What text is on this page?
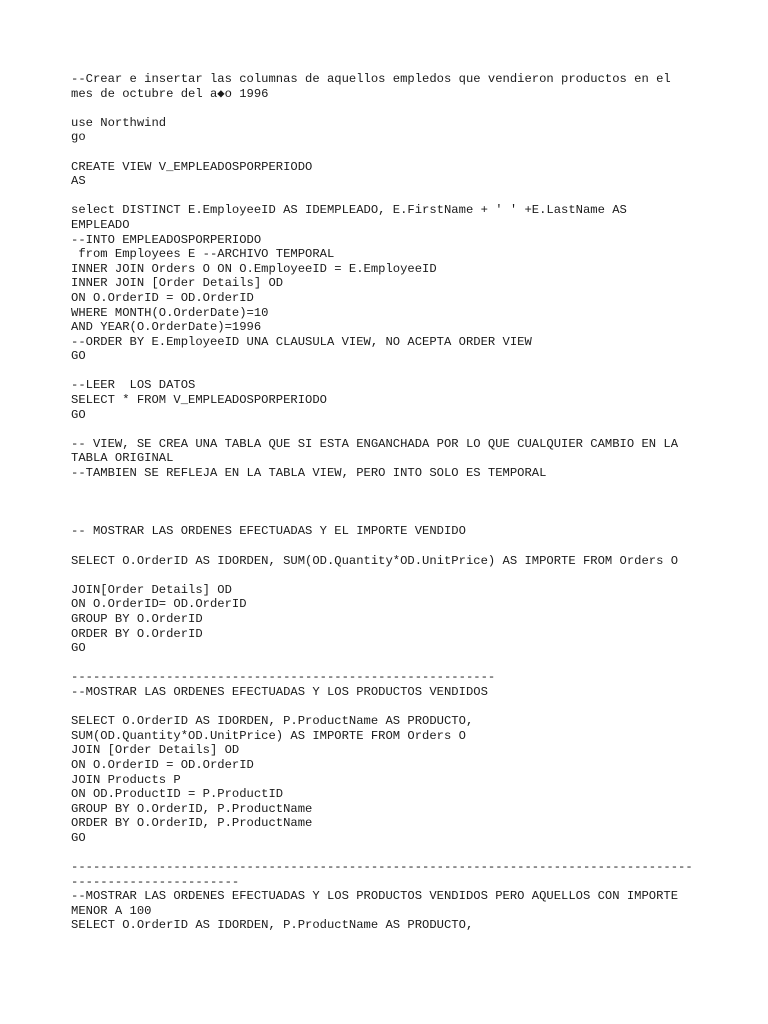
--Crear e insertar las columnas de aquellos empledos que vendieron productos en el
mes de octubre del a◆o 1996

use Northwind
go

CREATE VIEW V_EMPLEADOSPORPERIODO
AS

select DISTINCT E.EmployeeID AS IDEMPLEADO, E.FirstName + ' ' +E.LastName AS
EMPLEADO
--INTO EMPLEADOSPORPERIODO
from Employees E --ARCHIVO TEMPORAL
INNER JOIN Orders O ON O.EmployeeID = E.EmployeeID
INNER JOIN [Order Details] OD
ON O.OrderID = OD.OrderID
WHERE MONTH(O.OrderDate)=10
AND YEAR(O.OrderDate)=1996
--ORDER BY E.EmployeeID UNA CLAUSULA VIEW, NO ACEPTA ORDER VIEW
GO

--LEER  LOS DATOS
SELECT * FROM V_EMPLEADOSPORPERIODO
GO

-- VIEW, SE CREA UNA TABLA QUE SI ESTA ENGANCHADA POR LO QUE CUALQUIER CAMBIO EN LA
TABLA ORIGINAL
--TAMBIEN SE REFLEJA EN LA TABLA VIEW, PERO INTO SOLO ES TEMPORAL

-- MOSTRAR LAS ORDENES EFECTUADAS Y EL IMPORTE VENDIDO

SELECT O.OrderID AS IDORDEN, SUM(OD.Quantity*OD.UnitPrice) AS IMPORTE FROM Orders O

JOIN[Order Details] OD
ON O.OrderID= OD.OrderID
GROUP BY O.OrderID
ORDER BY O.OrderID
GO

----------------------------------------------------------
--MOSTRAR LAS ORDENES EFECTUADAS Y LOS PRODUCTOS VENDIDOS

SELECT O.OrderID AS IDORDEN, P.ProductName AS PRODUCTO,
SUM(OD.Quantity*OD.UnitPrice) AS IMPORTE FROM Orders O
JOIN [Order Details] OD
ON O.OrderID = OD.OrderID
JOIN Products P
ON OD.ProductID = P.ProductID
GROUP BY O.OrderID, P.ProductName
ORDER BY O.OrderID, P.ProductName
GO

-------------------------------------------------------------------------------------
-----------------------
--MOSTRAR LAS ORDENES EFECTUADAS Y LOS PRODUCTOS VENDIDOS PERO AQUELLOS CON IMPORTE
MENOR A 100
SELECT O.OrderID AS IDORDEN, P.ProductName AS PRODUCTO,
